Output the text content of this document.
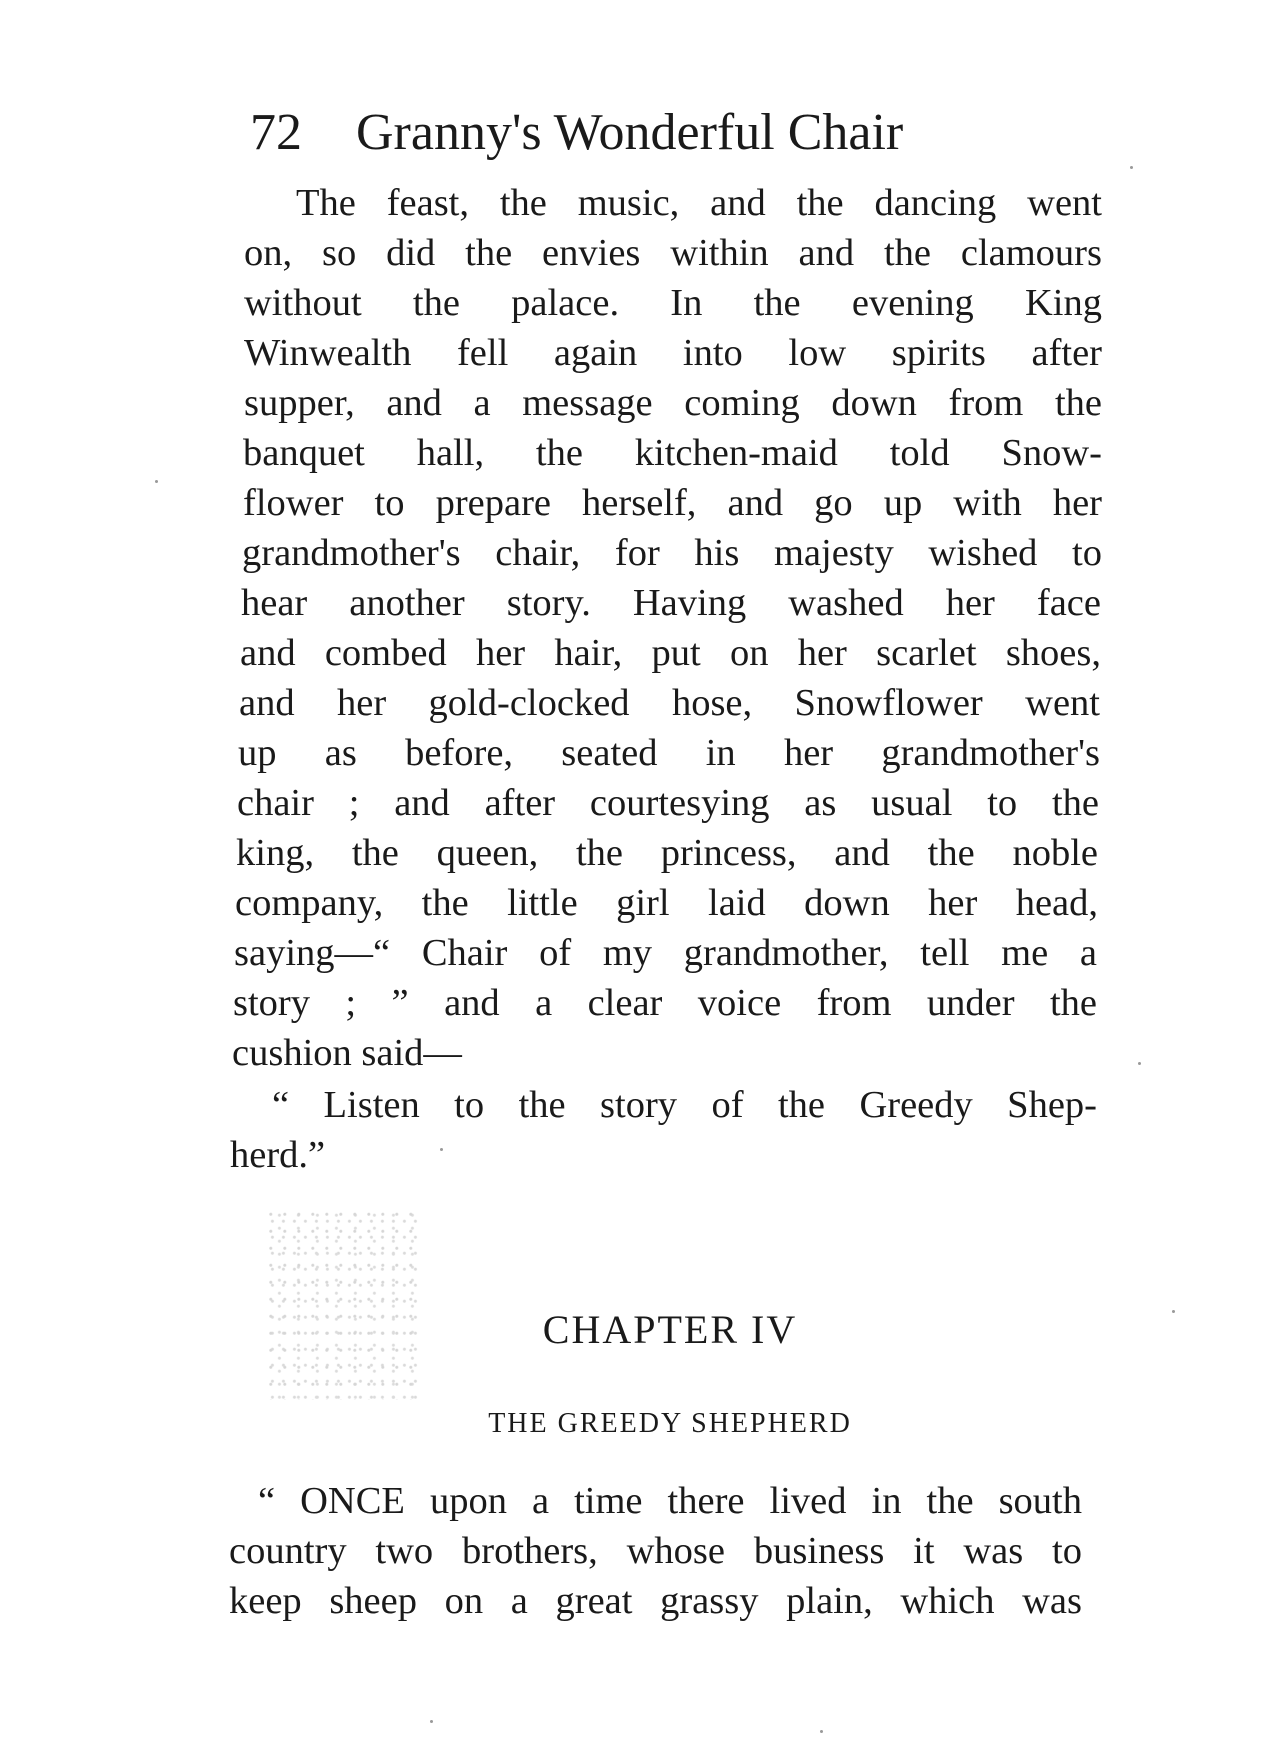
72 Granny's Wonderful Chair
The feast, the music, and the dancing went
on, so did the envies within and the clamours
without the palace. In the evening King
Winwealth fell again into low spirits after
supper, and a message coming down from the
banquet hall, the kitchen-maid told Snow-
flower to prepare herself, and go up with her
grandmother's chair, for his majesty wished to
hear another story. Having washed her face
and combed her hair, put on her scarlet shoes,
and her gold-clocked hose, Snowflower went
up as before, seated in her grandmother's
chair ; and after courtesying as usual to the
king, the queen, the princess, and the noble
company, the little girl laid down her head,
saying—“ Chair of my grandmother, tell me a
story ; ” and a clear voice from under the
cushion said—
“ Listen to the story of the Greedy Shep-
herd.”
CHAPTER IV
THE GREEDY SHEPHERD
“ ONCE upon a time there lived in the south
country two brothers, whose business it was to
keep sheep on a great grassy plain, which was
